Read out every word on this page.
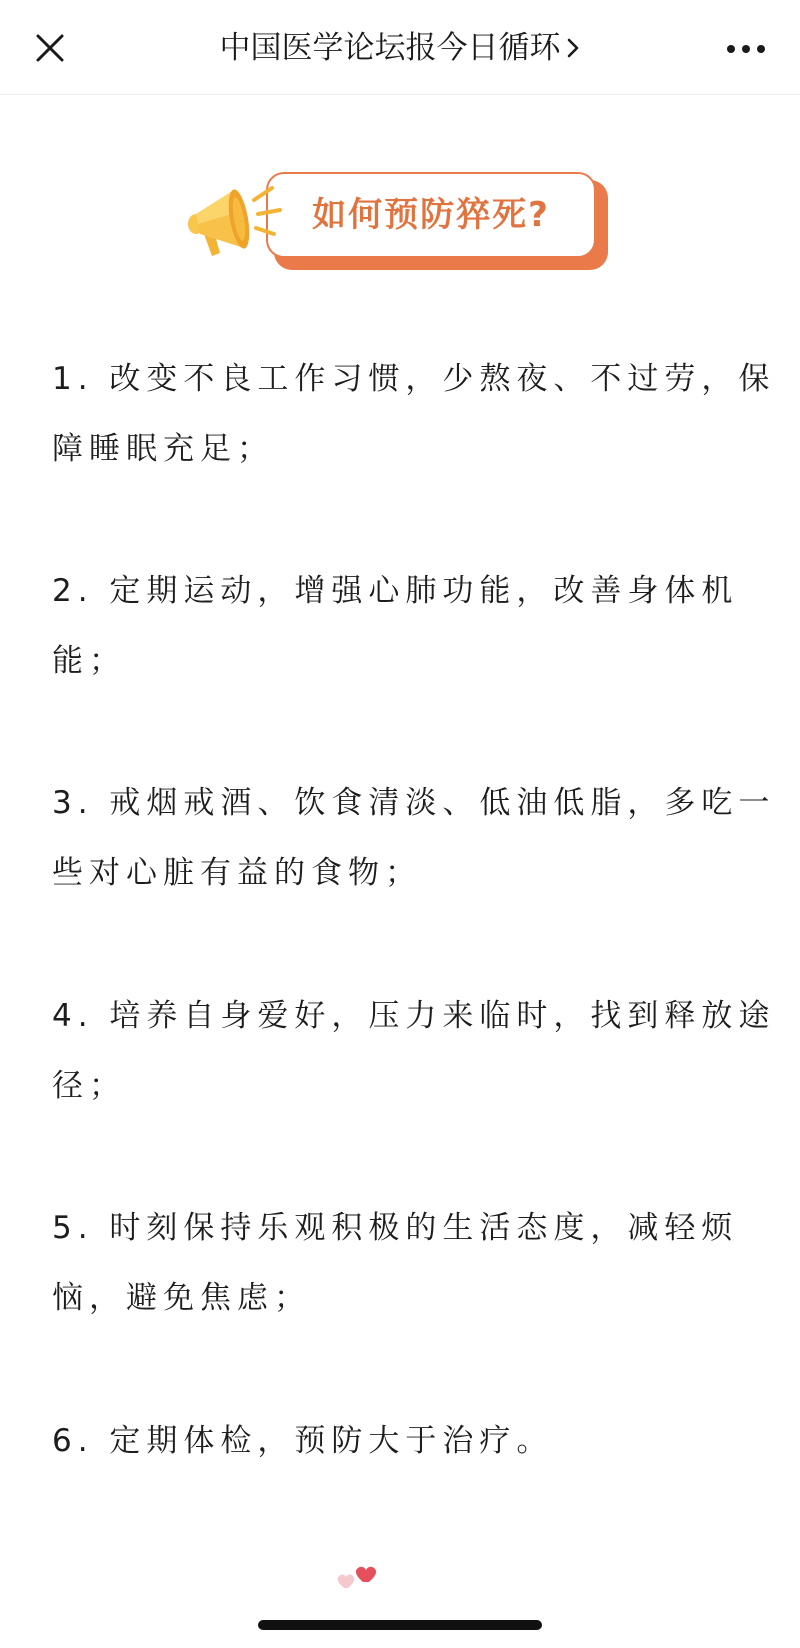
中国医学论坛报今日循环
如何预防猝死?
1. 改变不良工作习惯，少熬夜、不过劳，保
障睡眠充足；
2. 定期运动，增强心肺功能，改善身体机
能；
3. 戒烟戒酒、饮食清淡、低油低脂，多吃一
些对心脏有益的食物；
4. 培养自身爱好，压力来临时，找到释放途
径；
5. 时刻保持乐观积极的生活态度，减轻烦
恼，避免焦虑；
6. 定期体检，预防大于治疗。
